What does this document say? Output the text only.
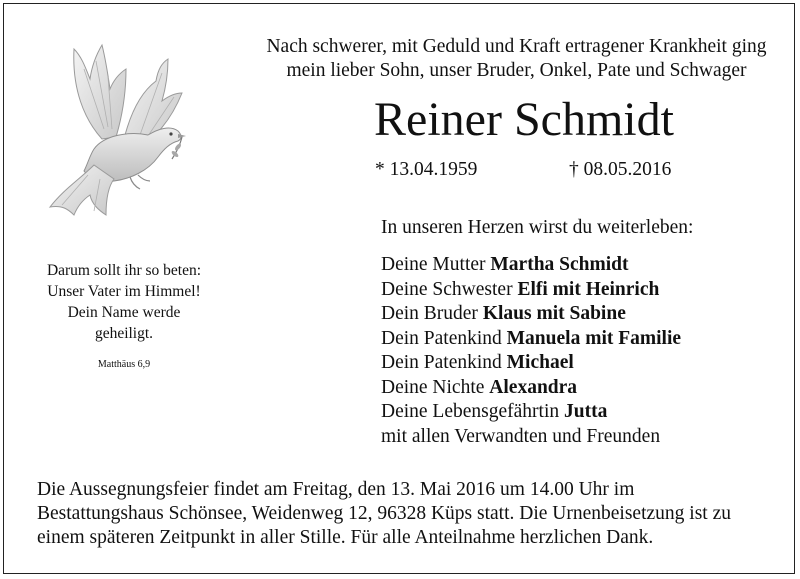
Nach schwerer, mit Geduld und Kraft ertragener Krankheit ging
mein lieber Sohn, unser Bruder, Onkel, Pate und Schwager
Reiner Schmidt
* 13.04.1959	† 08.05.2016
In unseren Herzen wirst du weiterleben:
Deine Mutter Martha Schmidt
Deine Schwester Elfi mit Heinrich
Dein Bruder Klaus mit Sabine
Dein Patenkind Manuela mit Familie
Dein Patenkind Michael
Deine Nichte Alexandra
Deine Lebensgefährtin Jutta
mit allen Verwandten und Freunden
Darum sollt ihr so beten:
Unser Vater im Himmel!
Dein Name werde
geheiligt.
Matthäus 6,9
Die Aussegnungsfeier findet am Freitag, den 13. Mai 2016 um 14.00 Uhr im
Bestattungshaus Schönsee, Weidenweg 12, 96328 Küps statt. Die Urnenbeisetzung ist zu
einem späteren Zeitpunkt in aller Stille. Für alle Anteilnahme herzlichen Dank.
